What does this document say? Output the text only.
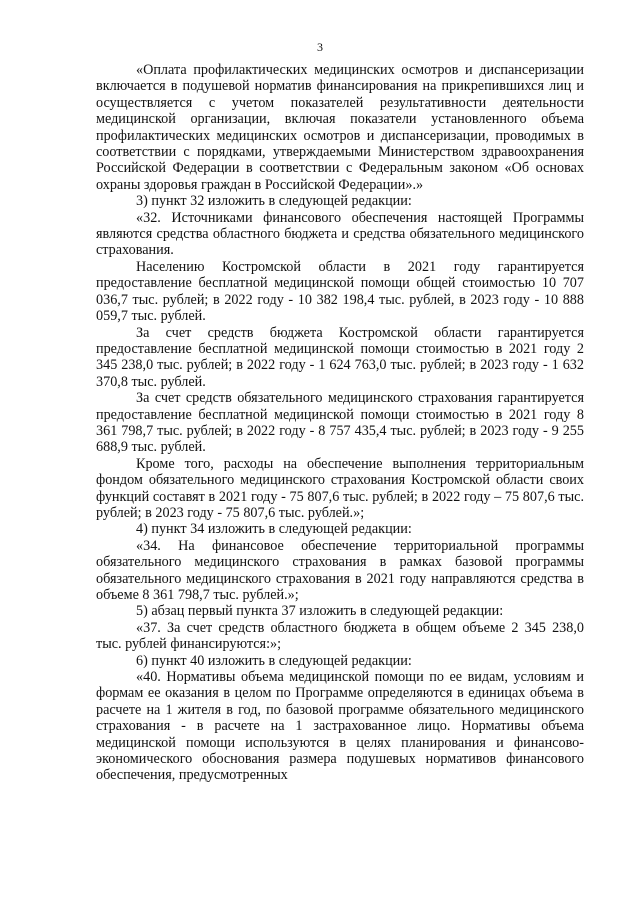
3

«Оплата профилактических медицинских осмотров и диспансеризации включается в подушевой норматив финансирования на прикрепившихся лиц и осуществляется с учетом показателей результативности деятельности медицинской организации, включая показатели установленного объема профилактических медицинских осмотров и диспансеризации, проводимых в соответствии с порядками, утверждаемыми Министерством здравоохранения Российской Федерации в соответствии с Федеральным законом «Об основах охраны здоровья граждан в Российской Федерации».»

3) пункт 32 изложить в следующей редакции:

«32. Источниками финансового обеспечения настоящей Программы являются средства областного бюджета и средства обязательного медицинского страхования.

Населению Костромской области в 2021 году гарантируется предоставление бесплатной медицинской помощи общей стоимостью 10 707 036,7 тыс. рублей; в 2022 году - 10 382 198,4 тыс. рублей, в 2023 году - 10 888 059,7 тыс. рублей.

За счет средств бюджета Костромской области гарантируется предоставление бесплатной медицинской помощи стоимостью в 2021 году 2 345 238,0 тыс. рублей; в 2022 году - 1 624 763,0 тыс. рублей; в 2023 году - 1 632 370,8 тыс. рублей.

За счет средств обязательного медицинского страхования гарантируется предоставление бесплатной медицинской помощи стоимостью в 2021 году 8 361 798,7 тыс. рублей; в 2022 году - 8 757 435,4 тыс. рублей; в 2023 году - 9 255 688,9 тыс. рублей.

Кроме того, расходы на обеспечение выполнения территориальным фондом обязательного медицинского страхования Костромской области своих функций составят в 2021 году - 75 807,6 тыс. рублей; в 2022 году – 75 807,6 тыс. рублей; в 2023 году - 75 807,6 тыс. рублей.»;

4) пункт 34 изложить в следующей редакции:

«34. На финансовое обеспечение территориальной программы обязательного медицинского страхования в рамках базовой программы обязательного медицинского страхования в 2021 году направляются средства в объеме 8 361 798,7 тыс. рублей.»;

5) абзац первый пункта 37 изложить в следующей редакции:

«37. За счет средств областного бюджета в общем объеме 2 345 238,0 тыс. рублей финансируются:»;

6) пункт 40 изложить в следующей редакции:

«40. Нормативы объема медицинской помощи по ее видам, условиям и формам ее оказания в целом по Программе определяются в единицах объема в расчете на 1 жителя в год, по базовой программе обязательного медицинского страхования - в расчете на 1 застрахованное лицо. Нормативы объема медицинской помощи используются в целях планирования и финансово-экономического обоснования размера подушевых нормативов финансового обеспечения, предусмотренных
